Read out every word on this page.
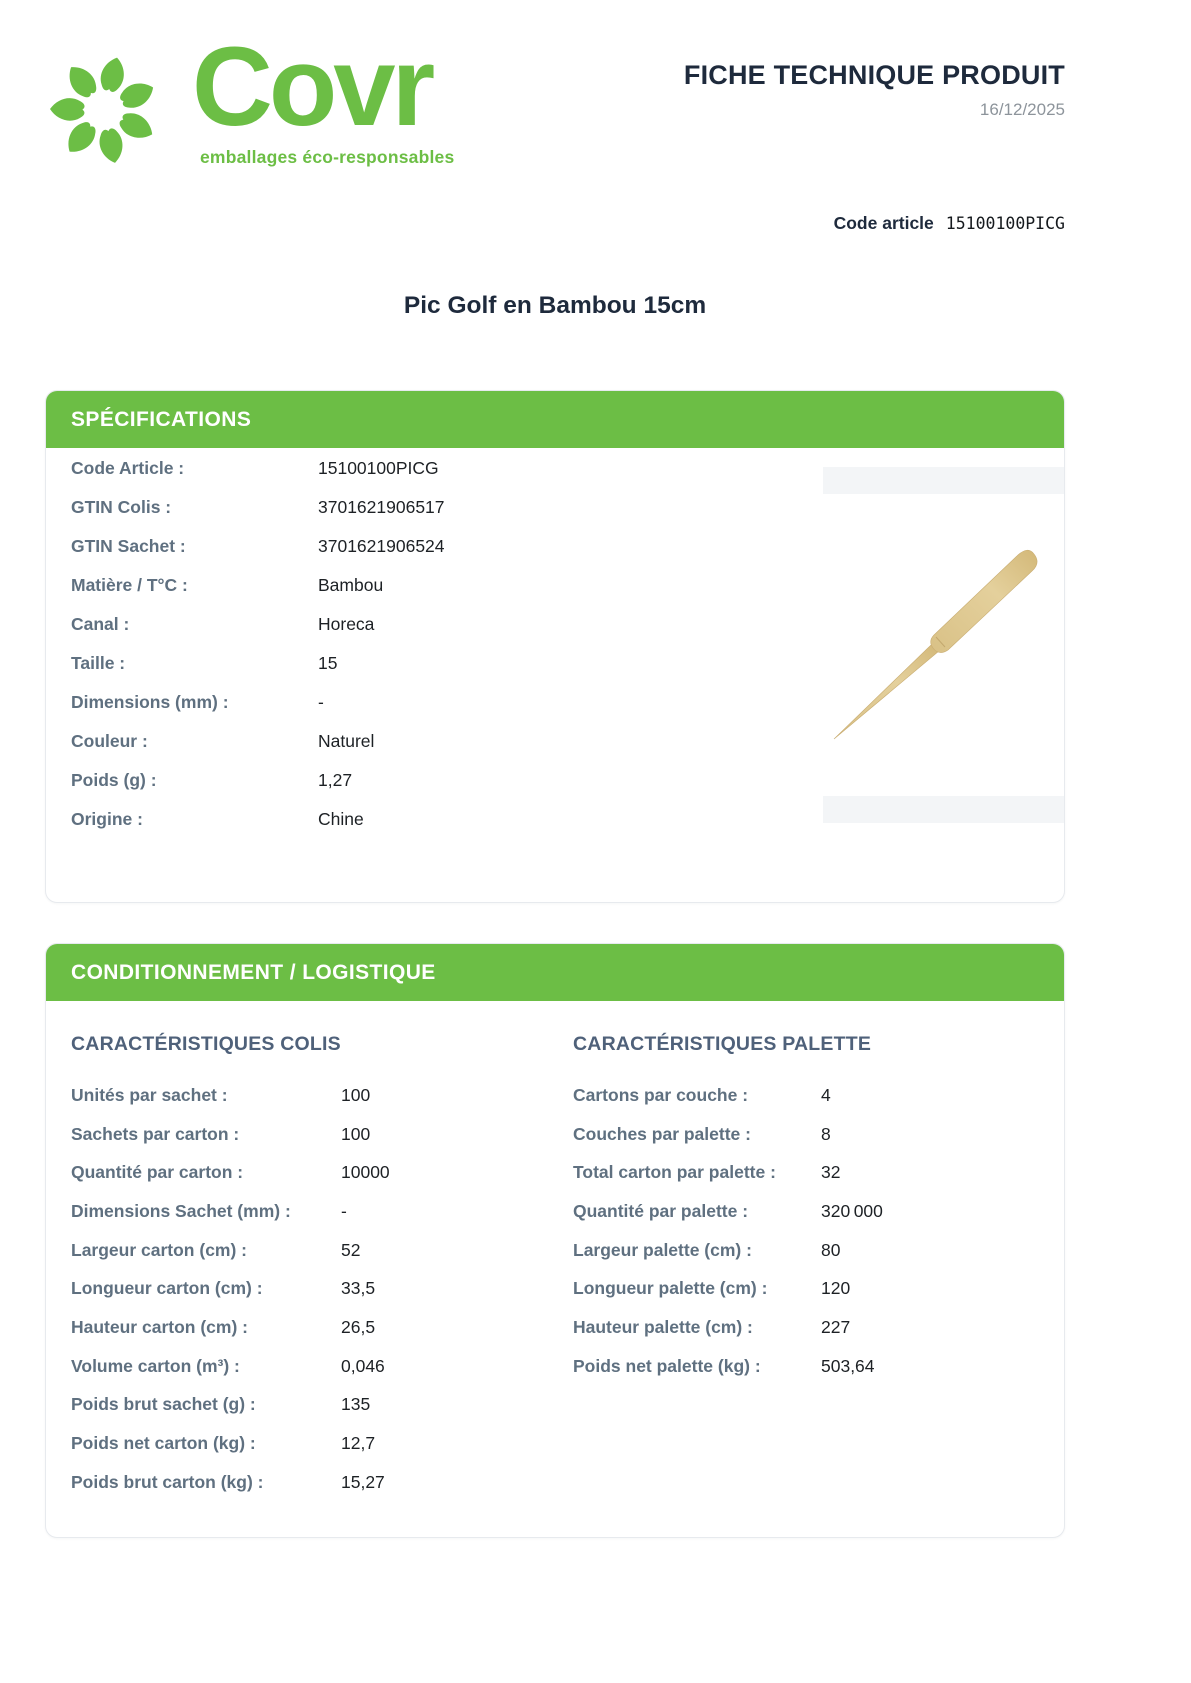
Covr
emballages éco-responsables
FICHE TECHNIQUE PRODUIT
16/12/2025
Code article 15100100PICG
Pic Golf en Bambou 15cm
SPÉCIFICATIONS
Code Article :	15100100PICG
GTIN Colis :	3701621906517
GTIN Sachet :	3701621906524
Matière / T°C :	Bambou
Canal :	Horeca
Taille :	15
Dimensions (mm) :	-
Couleur :	Naturel
Poids (g) :	1,27
Origine :	Chine
CONDITIONNEMENT / LOGISTIQUE
CARACTÉRISTIQUES COLIS	CARACTÉRISTIQUES PALETTE
Unités par sachet :	100
Sachets par carton :	100
Quantité par carton :	10000
Dimensions Sachet (mm) :	-
Largeur carton (cm) :	52
Longueur carton (cm) :	33,5
Hauteur carton (cm) :	26,5
Volume carton (m³) :	0,046
Poids brut sachet (g) :	135
Poids net carton (kg) :	12,7
Poids brut carton (kg) :	15,27
Cartons par couche :	4
Couches par palette :	8
Total carton par palette :	32
Quantité par palette :	320 000
Largeur palette (cm) :	80
Longueur palette (cm) :	120
Hauteur palette (cm) :	227
Poids net palette (kg) :	503,64
